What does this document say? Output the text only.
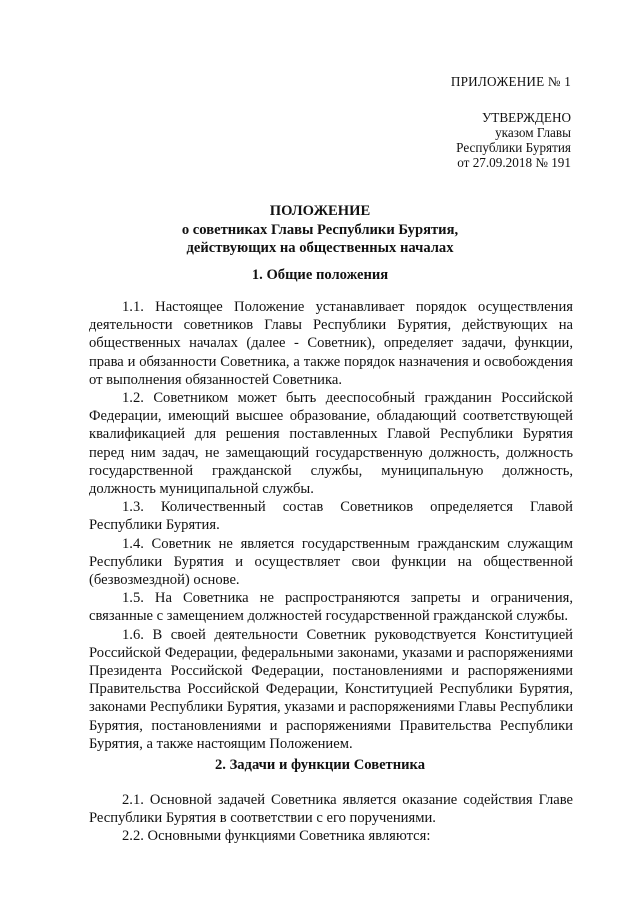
ПРИЛОЖЕНИЕ № 1
УТВЕРЖДЕНО
указом Главы
Республики Бурятия
от 27.09.2018 № 191
ПОЛОЖЕНИЕ
о советниках Главы Республики Бурятия,
действующих на общественных началах
1. Общие положения

1.1. Настоящее Положение устанавливает порядок осуществления деятельности советников Главы Республики Бурятия, действующих на общественных началах (далее - Советник), определяет задачи, функции, права и обязанности Советника, а также порядок назначения и освобождения от выполнения обязанностей Советника.

1.2. Советником может быть дееспособный гражданин Российской Федерации, имеющий высшее образование, обладающий соответствующей квалификацией для решения поставленных Главой Республики Бурятия перед ним задач, не замещающий государственную должность, должность государственной гражданской службы, муниципальную должность, должность муниципальной службы.

1.3. Количественный состав Советников определяется Главой Республики Бурятия.

1.4. Советник не является государственным гражданским служащим Республики Бурятия и осуществляет свои функции на общественной (безвозмездной) основе.

1.5. На Советника не распространяются запреты и ограничения, связанные с замещением должностей государственной гражданской службы.

1.6. В своей деятельности Советник руководствуется Конституцией Российской Федерации, федеральными законами, указами и распоряжениями Президента Российской Федерации, постановлениями и распоряжениями Правительства Российской Федерации, Конституцией Республики Бурятия, законами Республики Бурятия, указами и распоряжениями Главы Республики Бурятия, постановлениями и распоряжениями Правительства Республики Бурятия, а также настоящим Положением.

2. Задачи и функции Советника

2.1. Основной задачей Советника является оказание содействия Главе Республики Бурятия в соответствии с его поручениями.

2.2. Основными функциями Советника являются:
